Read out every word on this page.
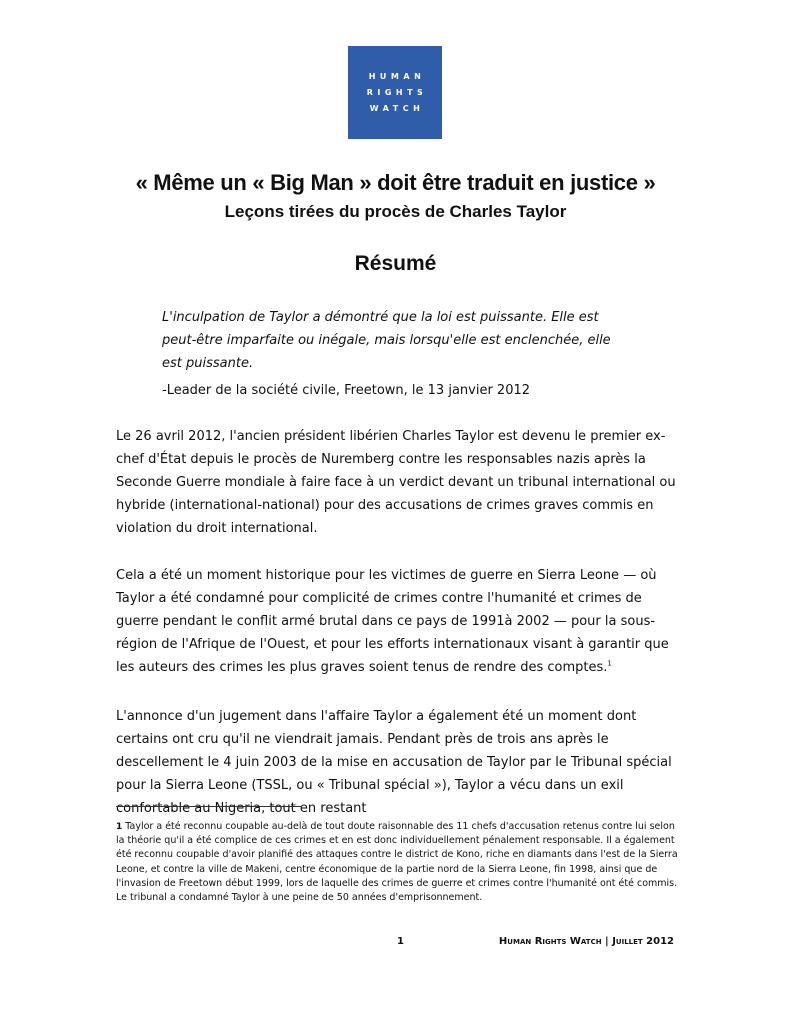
HUMAN
RIGHTS
WATCH
« Même un « Big Man » doit être traduit en justice »
Leçons tirées du procès de Charles Taylor
Résumé

L'inculpation de Taylor a démontré que la loi est puissante. Elle est peut-être imparfaite ou inégale, mais lorsqu'elle est enclenchée, elle est puissante.

-Leader de la société civile, Freetown, le 13 janvier 2012

Le 26 avril 2012, l'ancien président libérien Charles Taylor est devenu le premier ex-chef d'État depuis le procès de Nuremberg contre les responsables nazis après la Seconde Guerre mondiale à faire face à un verdict devant un tribunal international ou hybride (international-national) pour des accusations de crimes graves commis en violation du droit international.

Cela a été un moment historique pour les victimes de guerre en Sierra Leone — où Taylor a été condamné pour complicité de crimes contre l'humanité et crimes de guerre pendant le conflit armé brutal dans ce pays de 1991à 2002 — pour la sous-région de l'Afrique de l'Ouest, et pour les efforts internationaux visant à garantir que les auteurs des crimes les plus graves soient tenus de rendre des comptes.$^1$

L'annonce d'un jugement dans l'affaire Taylor a également été un moment dont certains ont cru qu'il ne viendrait jamais. Pendant près de trois ans après le descellement le 4 juin 2003 de la mise en accusation de Taylor par le Tribunal spécial pour la Sierra Leone (TSSL, ou « Tribunal spécial »), Taylor a vécu dans un exil confortable au Nigeria, tout en restant

1 Taylor a été reconnu coupable au-delà de tout doute raisonnable des 11 chefs d'accusation retenus contre lui selon la théorie qu'il a été complice de ces crimes et en est donc individuellement pénalement responsable. Il a également été reconnu coupable d'avoir planifié des attaques contre le district de Kono, riche en diamants dans l'est de la Sierra Leone, et contre la ville de Makeni, centre économique de la partie nord de la Sierra Leone, fin 1998, ainsi que de l'invasion de Freetown début 1999, lors de laquelle des crimes de guerre et crimes contre l'humanité ont été commis. Le tribunal a condamné Taylor à une peine de 50 années d'emprisonnement.

1	Human Rights Watch | Juillet 2012
